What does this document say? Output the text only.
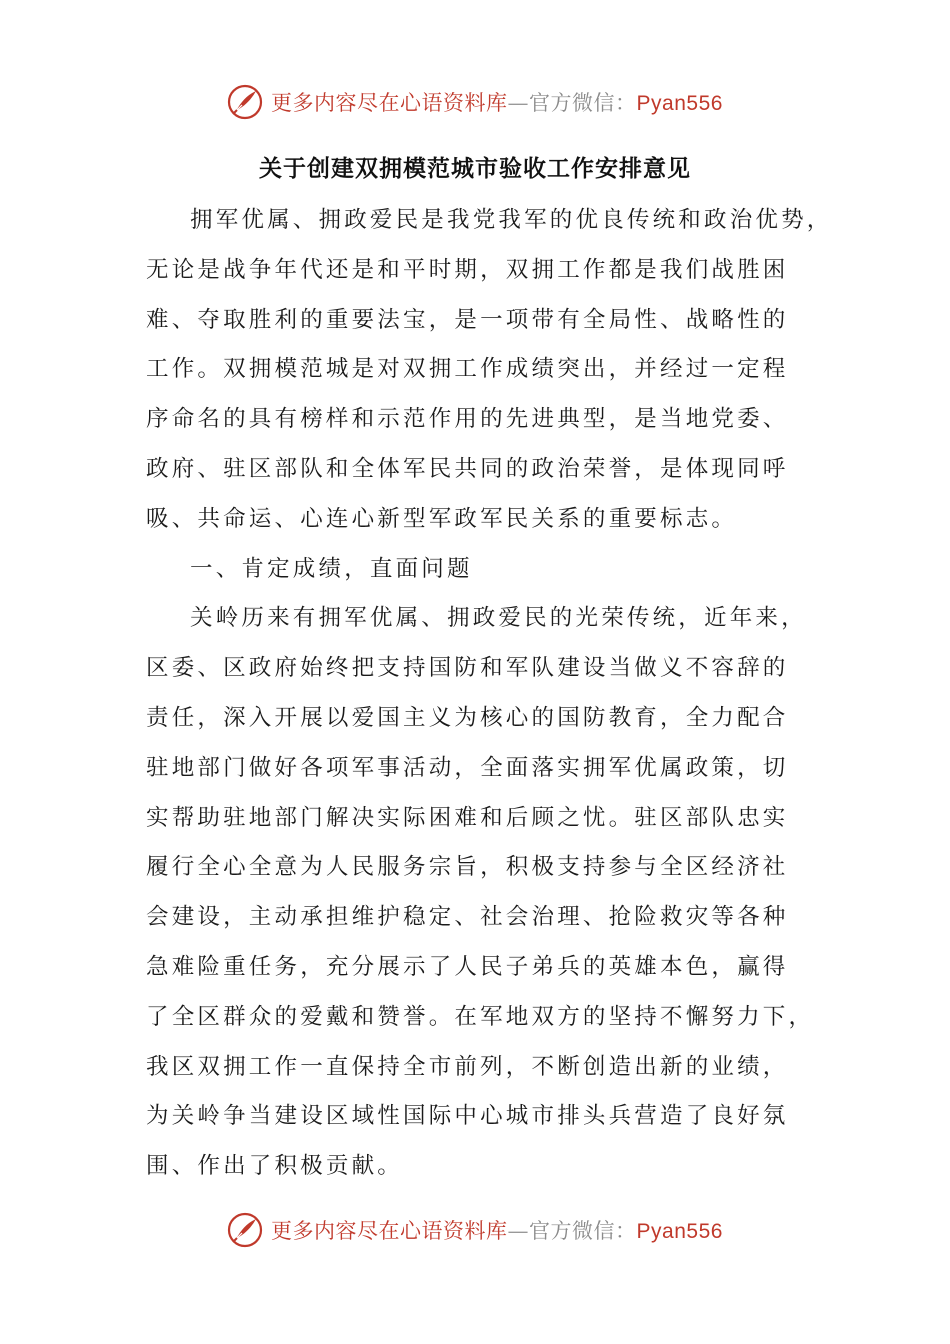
更多内容尽在心语资料库—官方微信：Pyan556
关于创建双拥模范城市验收工作安排意见
拥军优属、拥政爱民是我党我军的优良传统和政治优势，
无论是战争年代还是和平时期，双拥工作都是我们战胜困
难、夺取胜利的重要法宝，是一项带有全局性、战略性的
工作。双拥模范城是对双拥工作成绩突出，并经过一定程
序命名的具有榜样和示范作用的先进典型，是当地党委、
政府、驻区部队和全体军民共同的政治荣誉，是体现同呼
吸、共命运、心连心新型军政军民关系的重要标志。
一、肯定成绩，直面问题
关岭历来有拥军优属、拥政爱民的光荣传统，近年来，
区委、区政府始终把支持国防和军队建设当做义不容辞的
责任，深入开展以爱国主义为核心的国防教育，全力配合
驻地部门做好各项军事活动，全面落实拥军优属政策，切
实帮助驻地部门解决实际困难和后顾之忧。驻区部队忠实
履行全心全意为人民服务宗旨，积极支持参与全区经济社
会建设，主动承担维护稳定、社会治理、抢险救灾等各种
急难险重任务，充分展示了人民子弟兵的英雄本色，赢得
了全区群众的爱戴和赞誉。在军地双方的坚持不懈努力下，
我区双拥工作一直保持全市前列，不断创造出新的业绩，
为关岭争当建设区域性国际中心城市排头兵营造了良好氛
围、作出了积极贡献。
更多内容尽在心语资料库—官方微信：Pyan556
